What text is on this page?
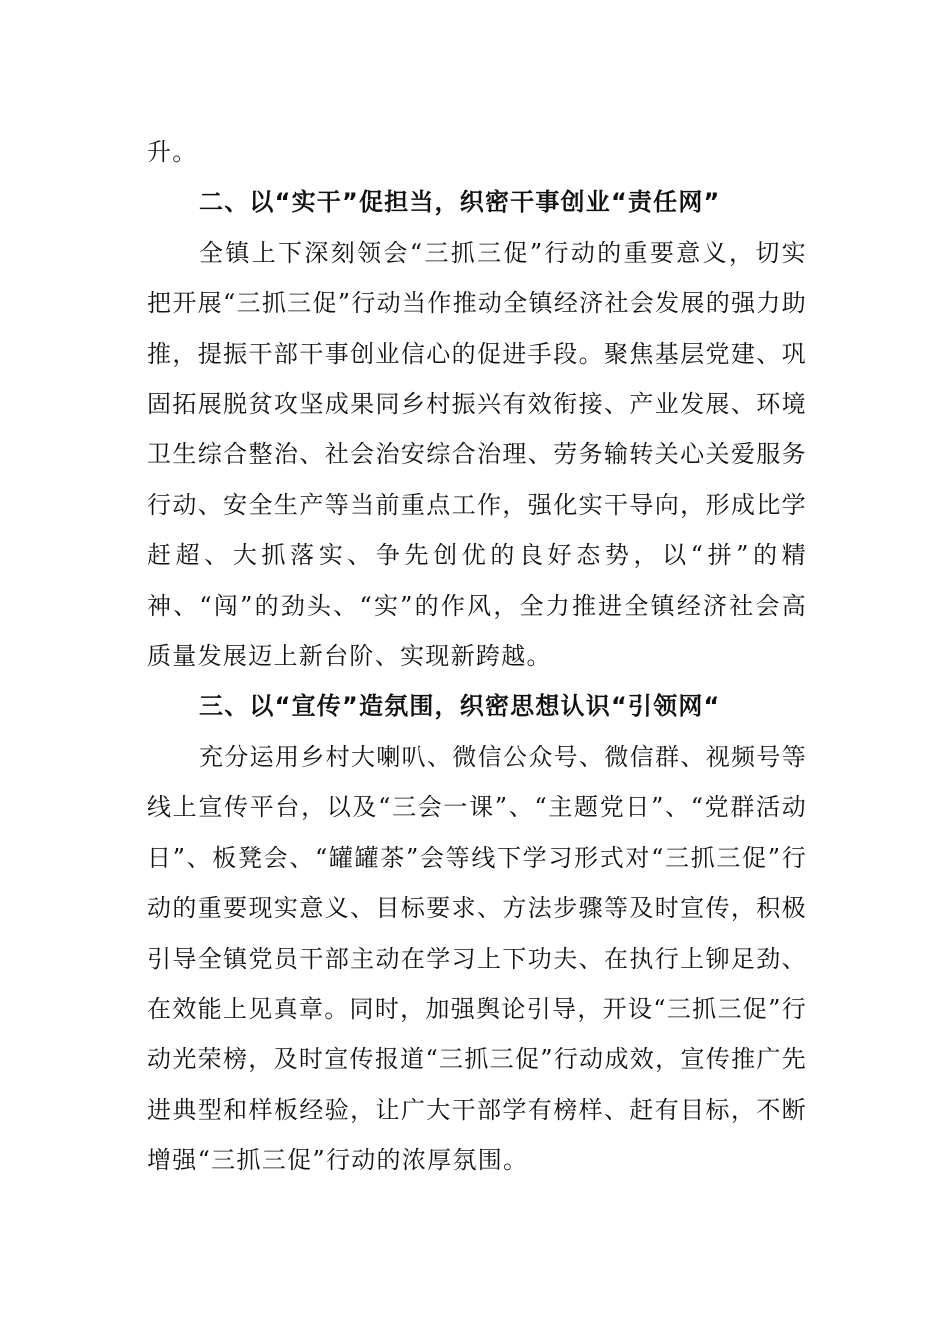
升。

二、以“实干”促担当，织密干事创业“责任网”

全镇上下深刻领会“三抓三促”行动的重要意义，切实把开展“三抓三促”行动当作推动全镇经济社会发展的强力助推，提振干部干事创业信心的促进手段。聚焦基层党建、巩固拓展脱贫攻坚成果同乡村振兴有效衔接、产业发展、环境卫生综合整治、社会治安综合治理、劳务输转关心关爱服务行动、安全生产等当前重点工作，强化实干导向，形成比学赶超、大抓落实、争先创优的良好态势，以“拼”的精神、“闯”的劲头、“实”的作风，全力推进全镇经济社会高质量发展迈上新台阶、实现新跨越。

三、以“宣传”造氛围，织密思想认识“引领网“

充分运用乡村大喇叭、微信公众号、微信群、视频号等线上宣传平台，以及“三会一课”、“主题党日”、“党群活动日”、板凳会、“罐罐茶”会等线下学习形式对“三抓三促”行动的重要现实意义、目标要求、方法步骤等及时宣传，积极引导全镇党员干部主动在学习上下功夫、在执行上铆足劲、在效能上见真章。同时，加强舆论引导，开设“三抓三促”行动光荣榜，及时宣传报道“三抓三促”行动成效，宣传推广先进典型和样板经验，让广大干部学有榜样、赶有目标，不断增强“三抓三促”行动的浓厚氛围。
